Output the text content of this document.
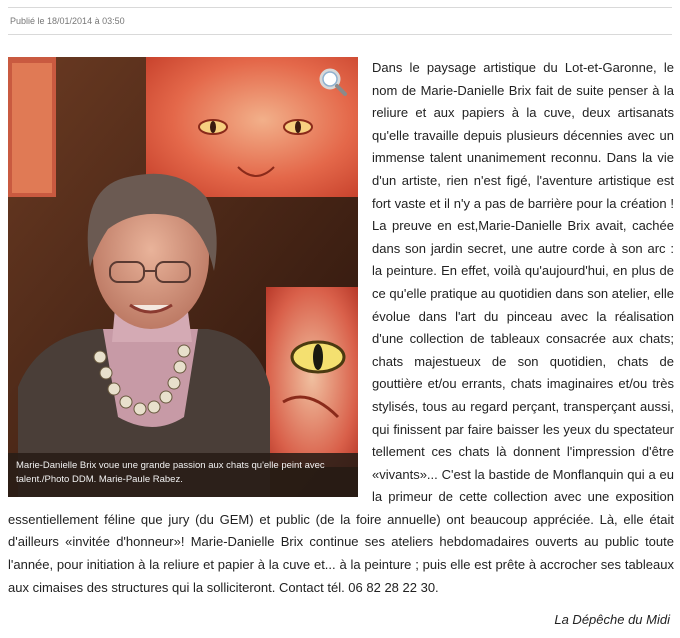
Publié le 18/01/2014 à 03:50
Marie-Danielle Brix voue une grande passion aux chats qu'elle peint avec talent./Photo DDM. Marie-Paule Rabez.

Dans le paysage artistique du Lot-et-Garonne, le nom de Marie-Danielle Brix fait de suite penser à la reliure et aux papiers à la cuve, deux artisanats qu'elle travaille depuis plusieurs décennies avec un immense talent unanimement reconnu. Dans la vie d'un artiste, rien n'est figé, l'aventure artistique est fort vaste et il n'y a pas de barrière pour la création ! La preuve en est,Marie-Danielle Brix avait, cachée dans son jardin secret, une autre corde à son arc : la peinture. En effet, voilà qu'aujourd'hui, en plus de ce qu'elle pratique au quotidien dans son atelier, elle évolue dans l'art du pinceau avec la réalisation d'une collection de tableaux consacrée aux chats; chats majestueux de son quotidien, chats de gouttière et/ou errants, chats imaginaires et/ou très stylisés, tous au regard perçant, transperçant aussi, qui finissent par faire baisser les yeux du spectateur tellement ces chats là donnent l'impression d'être «vivants»... C'est la bastide de Monflanquin qui a eu la primeur de cette collection avec une exposition essentiellement féline que jury (du GEM) et public (de la foire annuelle) ont beaucoup appréciée. Là, elle était d'ailleurs «invitée d'honneur»! Marie-Danielle Brix continue ses ateliers hebdomadaires ouverts au public toute l'année, pour initiation à la reliure et papier à la cuve et... à la peinture ; puis elle est prête à accrocher ses tableaux aux cimaises des structures qui la solliciteront. Contact tél. 06 82 28 22 30.

La Dépêche du Midi
